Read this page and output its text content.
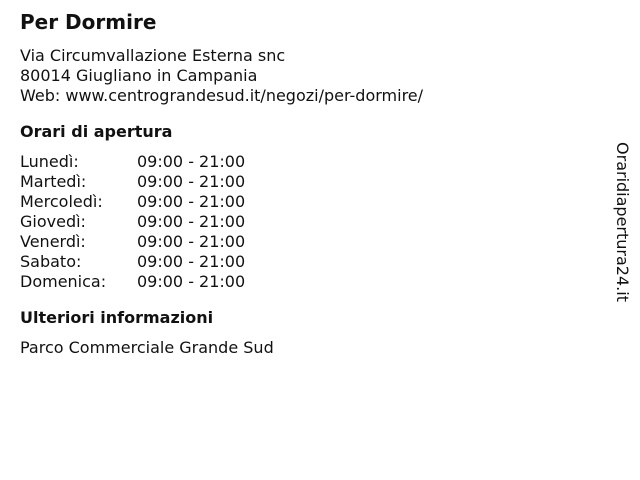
Per Dormire
Via Circumvallazione Esterna snc
80014 Giugliano in Campania
Web: www.centrograndesud.it/negozi/per-dormire/
Orari di apertura
Lunedì:	09:00 - 21:00
Martedì:	09:00 - 21:00
Mercoledì:	09:00 - 21:00
Giovedì:	09:00 - 21:00
Venerdì:	09:00 - 21:00
Sabato:	09:00 - 21:00
Domenica:	09:00 - 21:00
Ulteriori informazioni
Parco Commerciale Grande Sud
Oraridiapertura24.it
